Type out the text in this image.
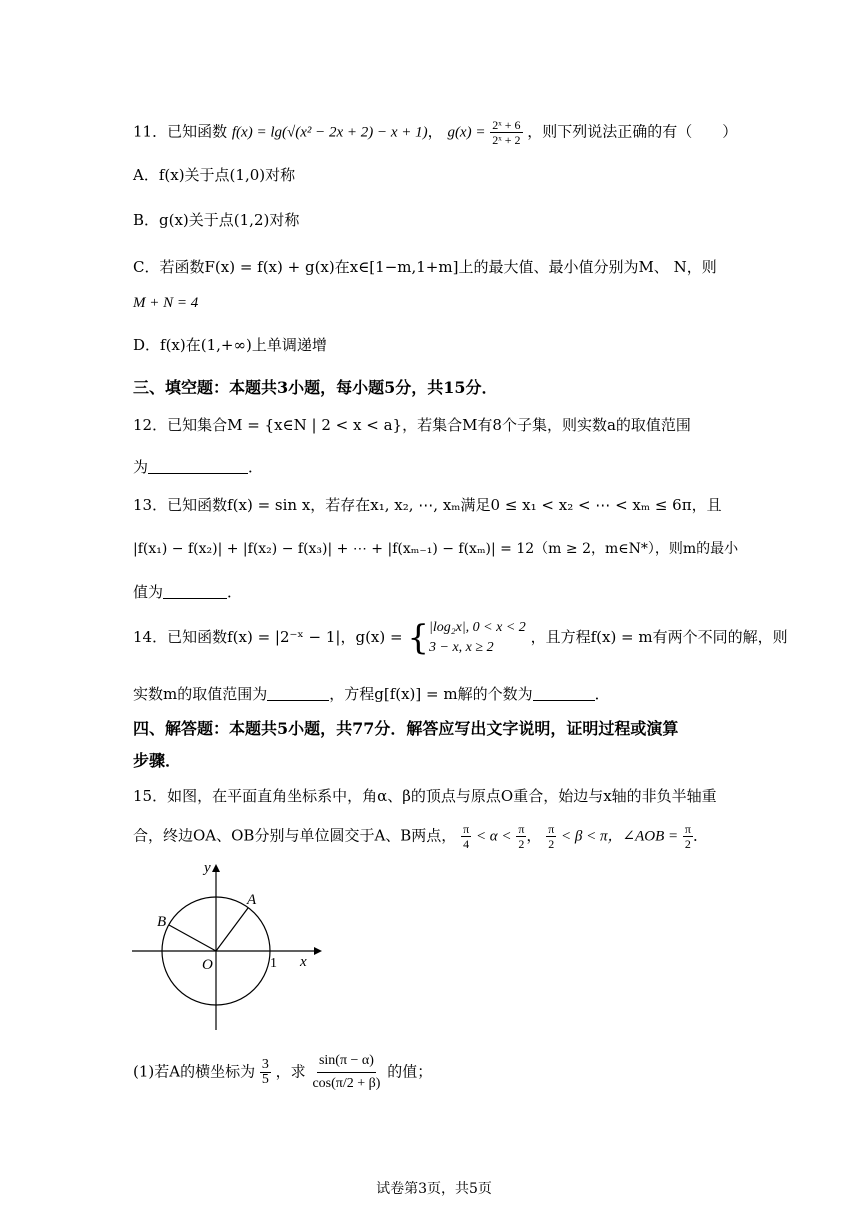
11．已知函数 f(x) = lg(√(x² − 2x + 2) − x + 1)， $g(x) = \frac{\text{2ˣ + 6}}{\text{2ˣ + 2}}$ ，则下列说法正确的有（　　）
A．f(x)关于点(1,0)对称
B．g(x)关于点(1,2)对称
C．若函数F(x) = f(x) + g(x)在x∈[1−m,1+m]上的最大值、最小值分别为M、 N，则
M + N = 4
D．f(x)在(1,+∞)上单调递增
三、填空题：本题共3小题，每小题5分，共15分．
12．已知集合M = {x∈N | 2 < x < a}，若集合M有8个子集，则实数a的取值范围
为	．
13．已知函数f(x) = sin x，若存在x₁, x₂, ⋯, xₘ满足0 ≤ x₁ < x₂ < ⋯ < xₘ ≤ 6π，且
|f(x₁) − f(x₂)| + |f(x₂) − f(x₃)| + ⋯ + |f(xₘ₋₁) − f(xₘ)| = 12（m ≥ 2，m∈N*），则m的最小
值为	．
14．已知函数f(x) = |2⁻ˣ − 1|，g(x) = { |log₂x|, 0 < x < 2
3 − x, x ≥ 2
，且方程f(x) = m有两个不同的解，则
实数m的取值范围为	，方程g[f(x)] = m解的个数为	．
四、解答题：本题共5小题，共77分．解答应写出文字说明，证明过程或演算
步骤．
15．如图，在平面直角坐标系中，角α、β的顶点与原点O重合，始边与x轴的非负半轴重
合，终边OA、OB分别与单位圆交于A、B两点， $\frac{\pi}{4} < \alpha < \frac{\pi}{2}$ ， $\frac{\pi}{2} < \beta < \pi$，∠AOB = $\frac{\pi}{2}$ ．
y
x
O
A
B
1
(1)若A的横坐标为 $\frac{3}{5}$ ，求 $\frac{\sin(\pi - \alpha)}{\cos(\pi/2 + \beta)}$ 的值；
试卷第3页，共5页
